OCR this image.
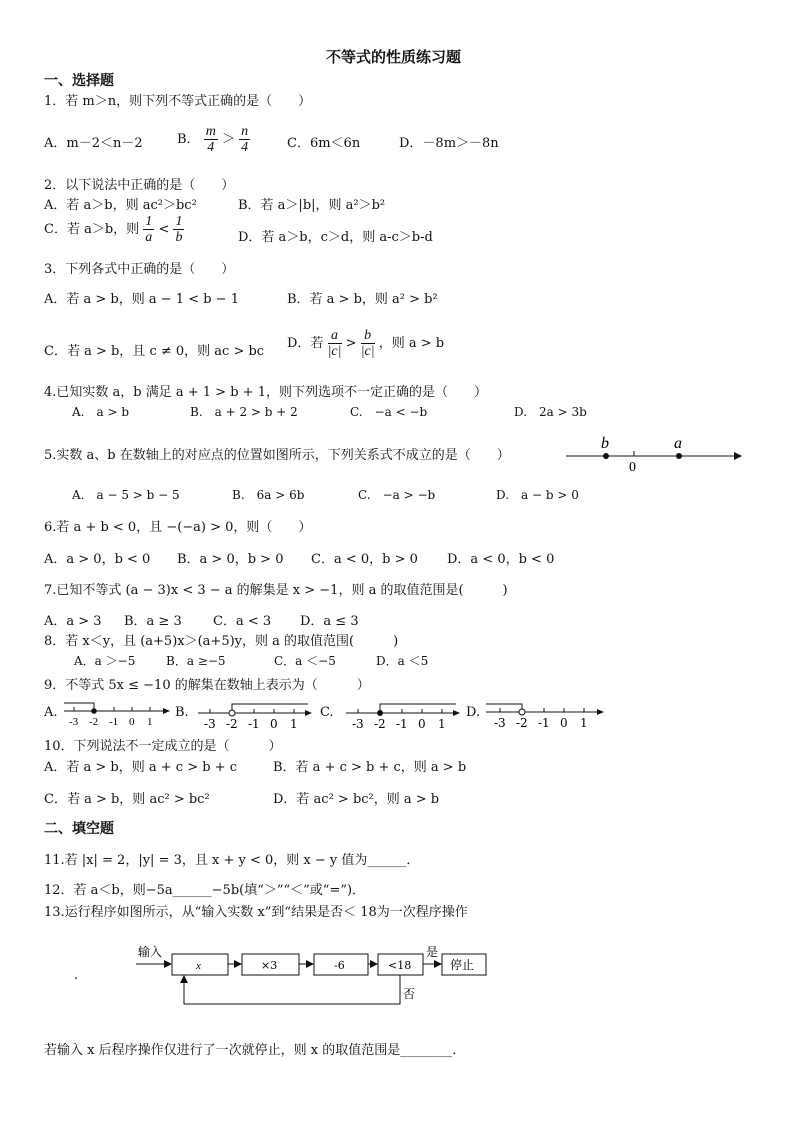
不等式的性质练习题
一、选择题
1．若 m＞n，则下列不等式正确的是（　　）
A．m－2＜n－2	B． $\frac{m}{4} > \frac{n}{4}$	C．6m＜6n	D．－8m＞－8n
2．以下说法中正确的是（　　）
A．若 a＞b，则 ac²＞bc²	B．若 a＞|b|，则 a²＞b²
C．若 a＞b，则 $\frac{1}{a} < \frac{1}{b}$	D．若 a＞b，c＞d，则 a-c＞b-d
3．下列各式中正确的是（　　）
A．若 a > b，则 a − 1 < b − 1	B．若 a > b，则 a² > b²
C．若 a > b，且 c ≠ 0，则 ac > bc
D．若 $\frac{a}{|c|} > \frac{b}{|c|}$ ，则 a > b
4.已知实数 a，b 满足 a + 1 > b + 1，则下列选项不一定正确的是（　　）
A.　a > b	B.　a + 2 > b + 2	C.　−a < −b	D.　2a > 3b
5.实数 a、b 在数轴上的对应点的位置如图所示，下列关系式不成立的是（　　）
b
0
a
A.　a − 5 > b − 5	B.　6a > 6b	C.　−a > −b	D.　a − b > 0
6.若 a + b < 0，且 −(−a) > 0，则（　　）
A．a > 0，b < 0 B．a > 0，b > 0 C．a < 0，b > 0 D．a < 0，b < 0
7.已知不等式 (a − 3)x < 3 − a 的解集是 x > −1，则 a 的取值范围是(　　　)
A．a > 3 B．a ≥ 3 C．a < 3 D．a ≤ 3
8．若 x＜y，且 (a+5)x＞(a+5)y，则 a 的取值范围(　　　)
A．a ＞−5	B．a ≥−5	C．a ＜−5	D．a ＜5
9．不等式 5x ≤ −10 的解集在数轴上表示为（　　　）
A.
-3 -2 -1 0 1
B.
-3 -2 -1 0 1
C.
-3 -2 -1 0 1
D.
-3 -2 -1 0 1
10．下列说法不一定成立的是（　　　）
A．若 a > b，则 a + c > b + c	B．若 a + c > b + c，则 a > b
C．若 a > b，则 ac² > bc²	D．若 ac² > bc²，则 a > b
二、填空题
11.若 |x| = 2，|y| = 3，且 x + y < 0，则 x − y 值为______．
12．若 a＜b，则−5a______−5b(填“＞”“＜”或“=”)．
13.运行程序如图所示，从“输入实数 x”到“结果是否＜ 18为一次程序操作
.
输入
x	×3	-6	<18
是
停止
否
若输入 x 后程序操作仅进行了一次就停止，则 x 的取值范围是________．
